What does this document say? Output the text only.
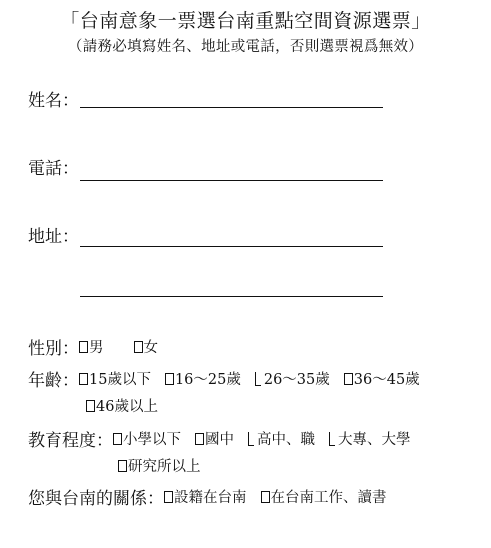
「台南意象一票選台南重點空間資源選票」
（請務必填寫姓名、地址或電話，否則選票視爲無效）
姓名：
電話：
地址：
性別： 男	女
年齡： 15歲以下 16～25歲 26～35歲 36～45歲
46歲以上
教育程度： 小學以下 國中 高中、職 大專、大學
研究所以上
您與台南的關係： 設籍在台南 在台南工作、讀書
